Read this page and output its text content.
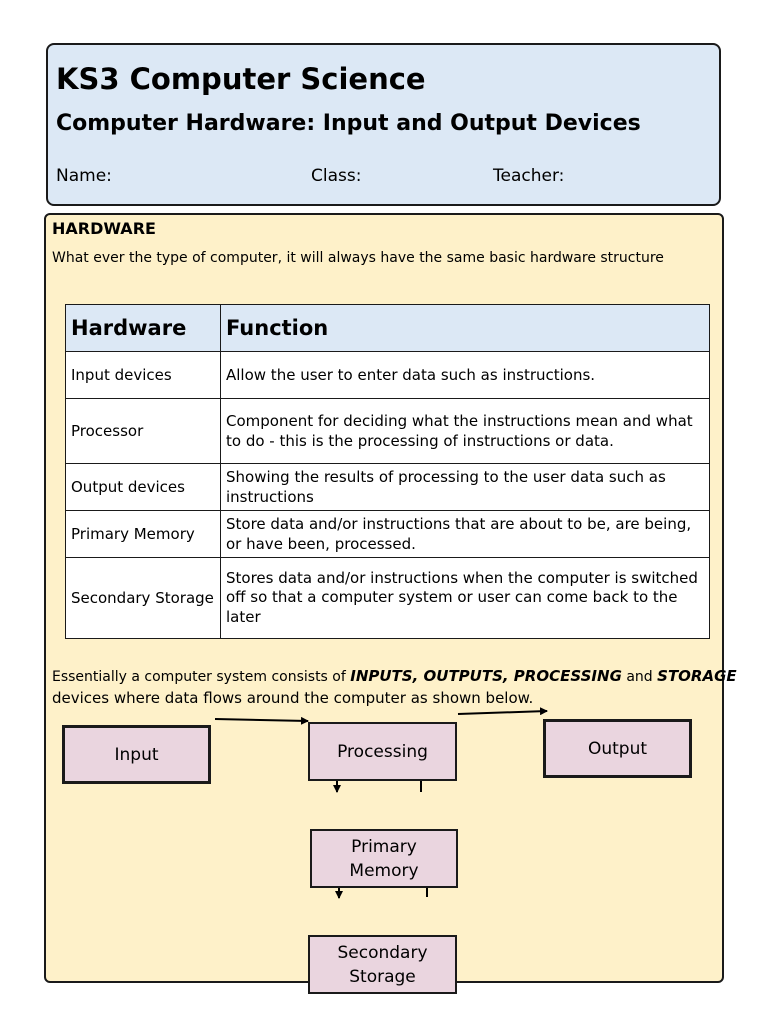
KS3 Computer Science
Computer Hardware: Input and Output Devices
Name:	Class:	Teacher:
HARDWARE

What ever the type of computer, it will always have the same basic hardware structure

Hardware	Function
Input devices	Allow the user to enter data such as instructions.
Processor	Component for deciding what the instructions mean and what to do - this is the processing of instructions or data.
Output devices	Showing the results of processing to the user data such as instructions
Primary Memory	Store data and/or instructions that are about to be, are being, or have been, processed.
Secondary Storage	Stores data and/or instructions when the computer is switched
off so that a computer system or user can come back to the later

Essentially a computer system consists of INPUTS, OUTPUTS, PROCESSING and STORAGE

devices where data flows around the computer as shown below.

Input	Processing	Output
Primary Memory
Secondary Storage
